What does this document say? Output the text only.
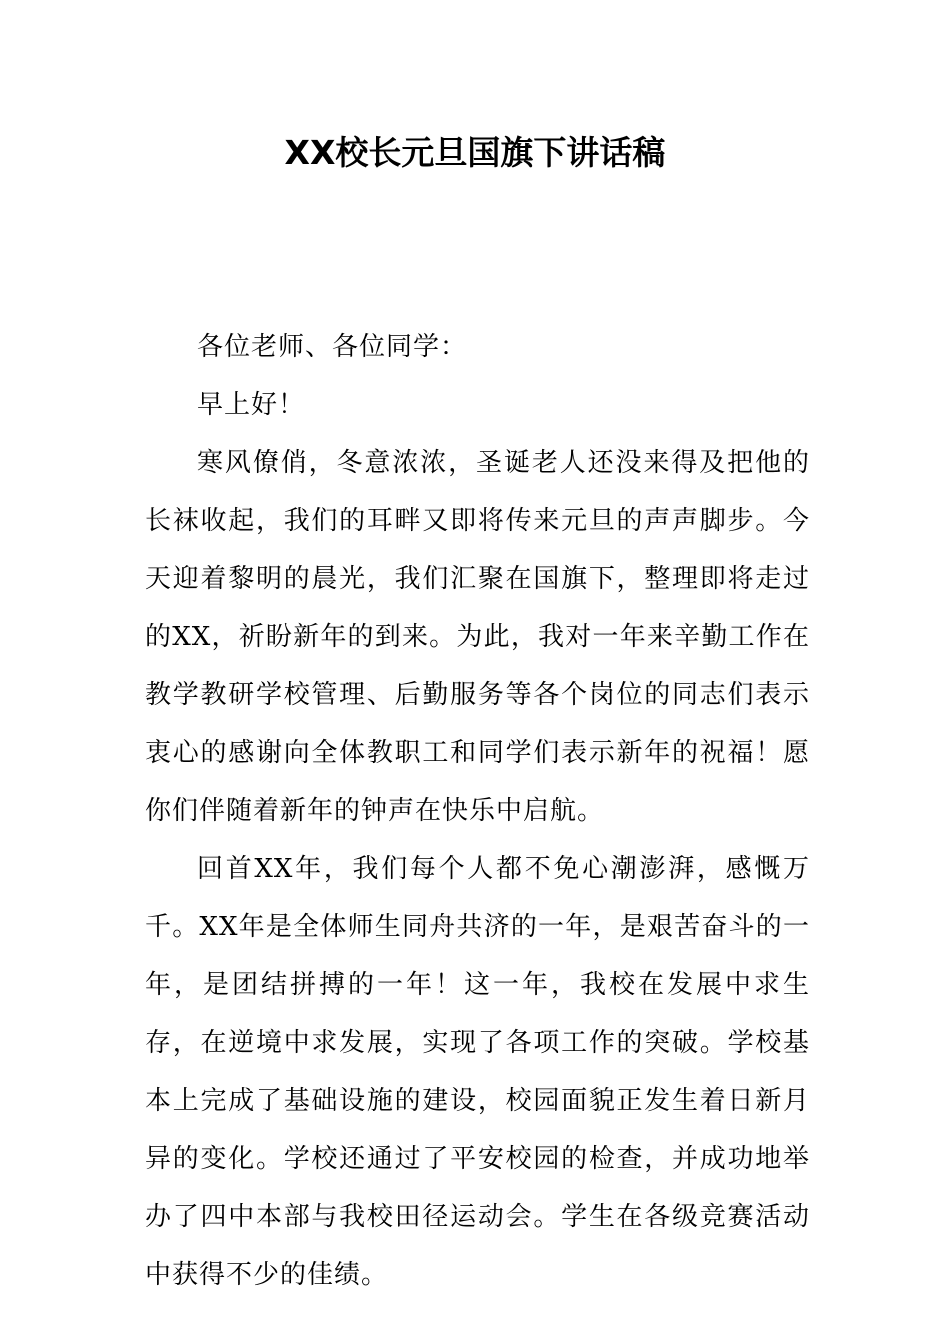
XX校长元旦国旗下讲话稿

各位老师、各位同学：

早上好！

寒风僚俏，冬意浓浓，圣诞老人还没来得及把他的长袜收起，我们的耳畔又即将传来元旦的声声脚步。今天迎着黎明的晨光，我们汇聚在国旗下，整理即将走过的XX，祈盼新年的到来。为此，我对一年来辛勤工作在教学教研学校管理、后勤服务等各个岗位的同志们表示衷心的感谢向全体教职工和同学们表示新年的祝福！愿你们伴随着新年的钟声在快乐中启航。

回首XX年，我们每个人都不免心潮澎湃，感慨万千。XX年是全体师生同舟共济的一年，是艰苦奋斗的一年，是团结拼搏的一年！这一年，我校在发展中求生存，在逆境中求发展，实现了各项工作的突破。学校基本上完成了基础设施的建设，校园面貌正发生着日新月异的变化。学校还通过了平安校园的检查，并成功地举办了四中本部与我校田径运动会。学生在各级竞赛活动中获得不少的佳绩。
